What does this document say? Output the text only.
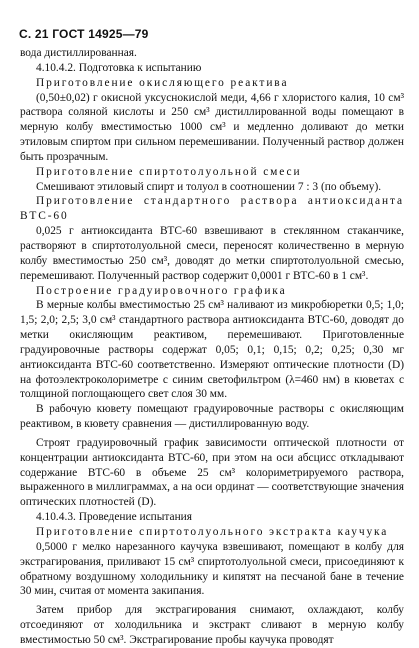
С. 21 ГОСТ 14925—79

вода дистиллированная.

4.10.4.2. Подготовка к испытанию

Приготовление окисляющего реактива

(0,50±0,02) г окисной уксуснокислой меди, 4,66 г хлористого калия, 10 см³ раствора соляной кислоты и 250 см³ дистиллированной воды помещают в мерную колбу вместимостью 1000 см³ и медленно доливают до метки этиловым спиртом при сильном перемешивании. Полученный раствор должен быть прозрачным.

Приготовление спиртотолуольной смеси

Смешивают этиловый спирт и толуол в соотношении 7 : 3 (по объему).

Приготовление стандартного раствора антиоксиданта ВТС-60

0,025 г антиоксиданта ВТС-60 взвешивают в стеклянном стаканчике, растворяют в спиртотолуольной смеси, переносят количественно в мерную колбу вместимостью 250 см³, доводят до метки спиртотолуольной смесью, перемешивают. Полученный раствор содержит 0,0001 г ВТС-60 в 1 см³.

Построение градуировочного графика

В мерные колбы вместимостью 25 см³ наливают из микробюретки 0,5; 1,0; 1,5; 2,0; 2,5; 3,0 см³ стандартного раствора антиоксиданта ВТС-60, доводят до метки окисляющим реактивом, перемешивают. Приготовленные градуировочные растворы содержат 0,05; 0,1; 0,15; 0,2; 0,25; 0,30 мг антиоксиданта ВТС-60 соответственно. Измеряют оптические плотности (D) на фотоэлектроколориметре с синим светофильтром (λ=460 нм) в кюветах с толщиной поглощающего свет слоя 30 мм.

В рабочую кювету помещают градуировочные растворы с окисляющим реактивом, в кювету сравнения — дистиллированную воду.

Строят градуировочный график зависимости оптической плотности от концентрации антиоксиданта ВТС-60, при этом на оси абсцисс откладывают содержание ВТС-60 в объеме 25 см³ колориметрируемого раствора, выраженного в миллиграммах, а на оси ординат — соответствующие значения оптических плотностей (D).

4.10.4.3. Проведение испытания

Приготовление спиртотолуольного экстракта каучука

0,5000 г мелко нарезанного каучука взвешивают, помещают в колбу для экстрагирования, приливают 15 см³ спиртотолуольной смеси, присоединяют к обратному воздушному холодильнику и кипятят на песчаной бане в течение 30 мин, считая от момента закипания.

Затем прибор для экстрагирования снимают, охлаждают, колбу отсоединяют от холодильника и экстракт сливают в мерную колбу вместимостью 50 см³. Экстрагирование пробы каучука проводят
